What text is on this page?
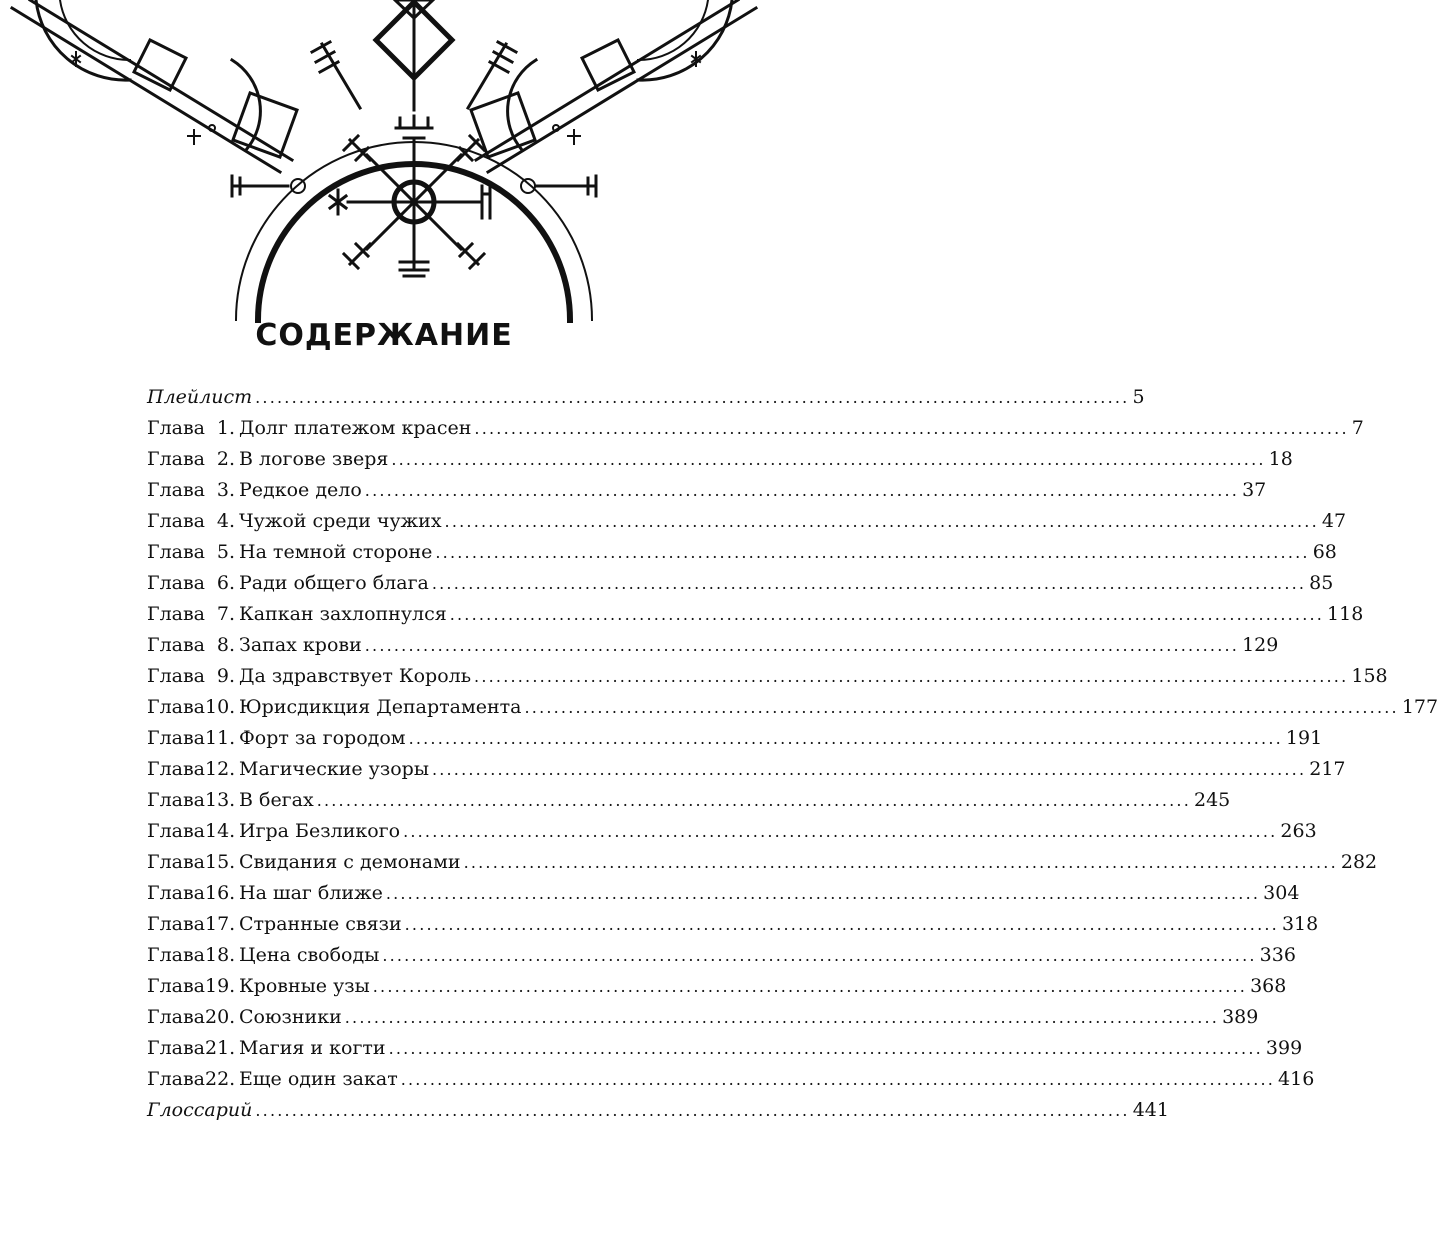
СОДЕРЖАНИЕ
Плейлист ........................................................................................................................ 5
Глава 1. Долг платежом красен ........................................................................................................................ 7
Глава 2. В логове зверя ........................................................................................................................ 18
Глава 3. Редкое дело ........................................................................................................................ 37
Глава 4. Чужой среди чужих ........................................................................................................................ 47
Глава 5. На темной стороне ........................................................................................................................ 68
Глава 6. Ради общего блага ........................................................................................................................ 85
Глава 7. Капкан захлопнулся ........................................................................................................................ 118
Глава 8. Запах крови ........................................................................................................................ 129
Глава 9. Да здравствует Король ........................................................................................................................ 158
Глава10. Юрисдикция Департамента ........................................................................................................................ 177
Глава11. Форт за городом ........................................................................................................................ 191
Глава12. Магические узоры ........................................................................................................................ 217
Глава13. В бегах ........................................................................................................................ 245
Глава14. Игра Безликого ........................................................................................................................ 263
Глава15. Свидания с демонами ........................................................................................................................ 282
Глава16. На шаг ближе ........................................................................................................................ 304
Глава17. Странные связи ........................................................................................................................ 318
Глава18. Цена свободы ........................................................................................................................ 336
Глава19. Кровные узы ........................................................................................................................ 368
Глава20. Союзники ........................................................................................................................ 389
Глава21. Магия и когти ........................................................................................................................ 399
Глава22. Еще один закат ........................................................................................................................ 416
Глоссарий ........................................................................................................................ 441
